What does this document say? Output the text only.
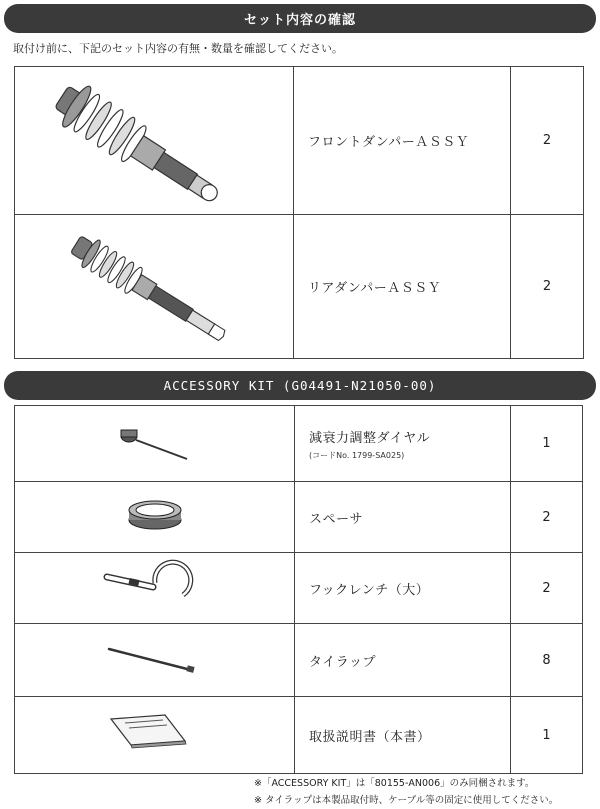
セット内容の確認
取付け前に、下記のセット内容の有無・数量を確認してください。
	フロントダンパーＡＳＳＹ	2

	リアダンパーＡＳＳＹ	2
ACCESSORY KIT (G04491-N21050-00)

減衰力調整ダイヤル
(コードNo. 1799-SA025)	1

	スペーサ	2

	フックレンチ（大）	2

	タイラップ	8

	取扱説明書（本書）	1
※「ACCESSORY KIT」は「80155-AN006」のみ同梱されます。
※ タイラップは本製品取付時、ケーブル等の固定に使用してください。
